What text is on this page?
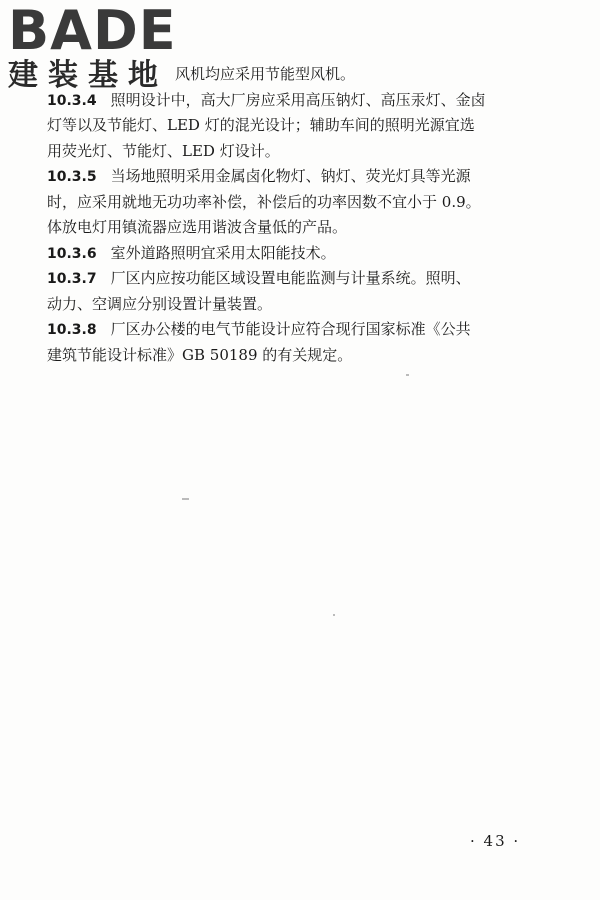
BADE
建装基地 风机均应采用节能型风机。
10.3.4 照明设计中，高大厂房应采用高压钠灯、高压汞灯、金卤
灯等以及节能灯、LED 灯的混光设计；辅助车间的照明光源宜选
用荧光灯、节能灯、LED 灯设计。
10.3.5 当场地照明采用金属卤化物灯、钠灯、荧光灯具等光源
时，应采用就地无功功率补偿，补偿后的功率因数不宜小于 0.9。
体放电灯用镇流器应选用谐波含量低的产品。
10.3.6 室外道路照明宜采用太阳能技术。
10.3.7 厂区内应按功能区域设置电能监测与计量系统。照明、
动力、空调应分别设置计量装置。
10.3.8 厂区办公楼的电气节能设计应符合现行国家标准《公共
建筑节能设计标准》GB 50189 的有关规定。
· 43 ·
